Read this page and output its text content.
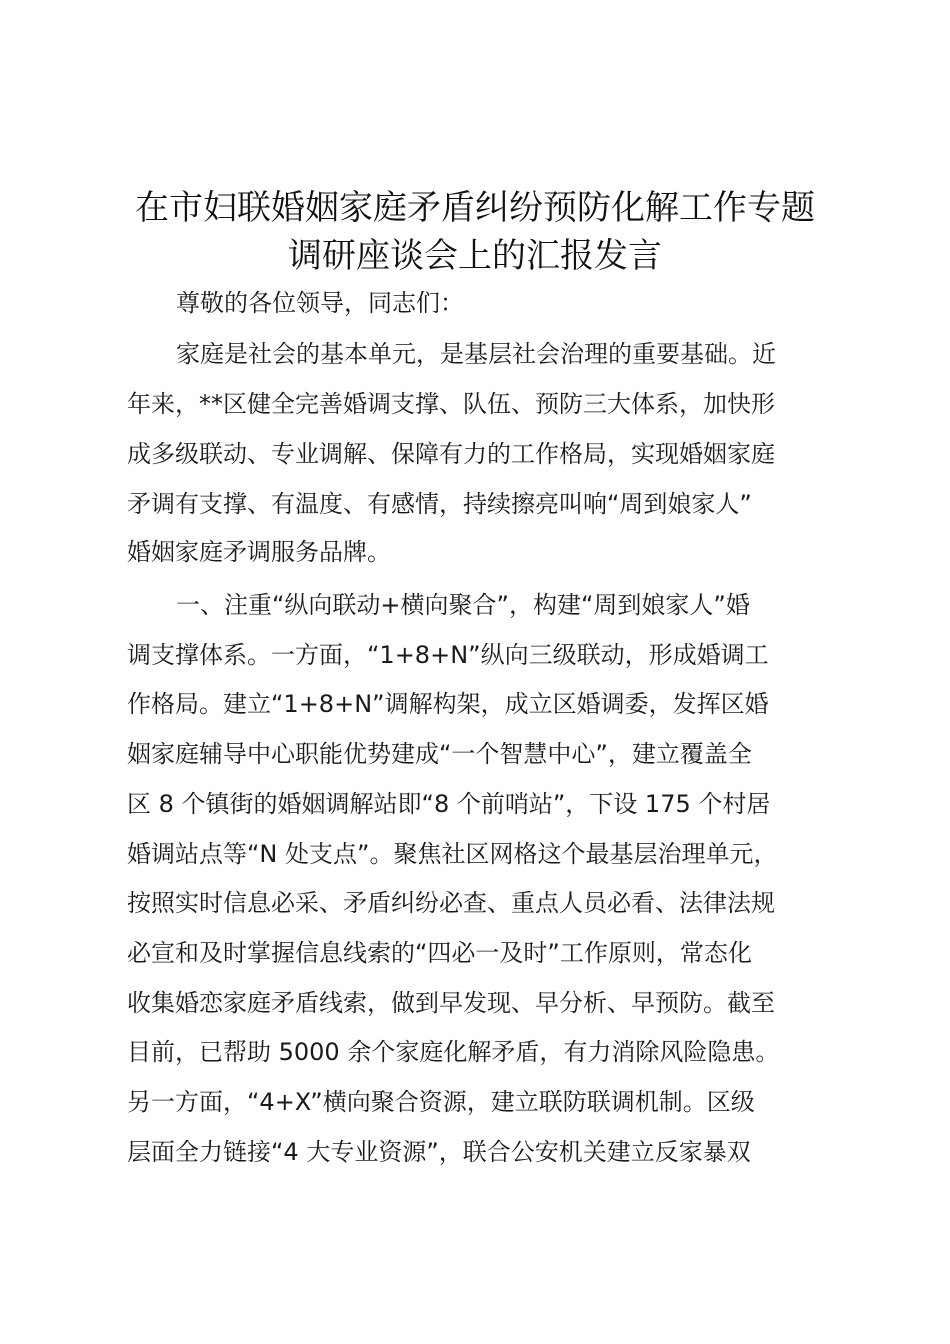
在市妇联婚姻家庭矛盾纠纷预防化解工作专题
调研座谈会上的汇报发言

尊敬的各位领导，同志们：

家庭是社会的基本单元，是基层社会治理的重要基础。近

年来，**区健全完善婚调支撑、队伍、预防三大体系，加快形

成多级联动、专业调解、保障有力的工作格局，实现婚姻家庭

矛调有支撑、有温度、有感情，持续擦亮叫响“周到娘家人”

婚姻家庭矛调服务品牌。

一、注重“纵向联动+横向聚合”，构建“周到娘家人”婚

调支撑体系。一方面，“1+8+N”纵向三级联动，形成婚调工

作格局。建立“1+8+N”调解构架，成立区婚调委，发挥区婚

姻家庭辅导中心职能优势建成“一个智慧中心”，建立覆盖全

区 8 个镇街的婚姻调解站即“8 个前哨站”，下设 175 个村居

婚调站点等“N 处支点”。聚焦社区网格这个最基层治理单元，

按照实时信息必采、矛盾纠纷必查、重点人员必看、法律法规

必宣和及时掌握信息线索的“四必一及时”工作原则，常态化

收集婚恋家庭矛盾线索，做到早发现、早分析、早预防。截至

目前，已帮助 5000 余个家庭化解矛盾，有力消除风险隐患。

另一方面，“4+X”横向聚合资源，建立联防联调机制。区级

层面全力链接“4 大专业资源”，联合公安机关建立反家暴双
